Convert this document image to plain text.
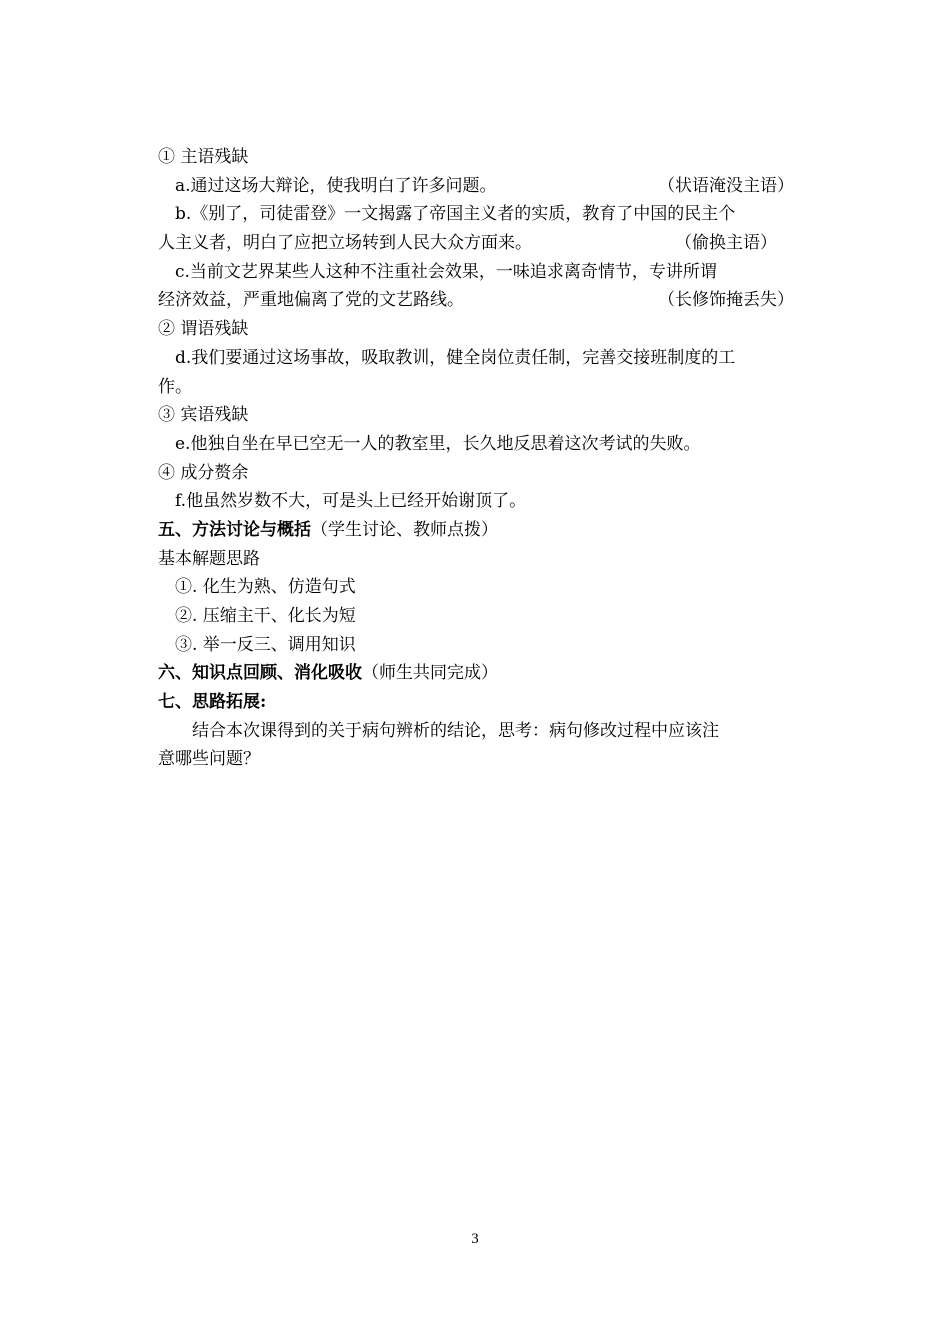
① 主语残缺
a.通过这场大辩论，使我明白了许多问题。	（状语淹没主语）
b.《别了，司徒雷登》一文揭露了帝国主义者的实质，教育了中国的民主个
人主义者，明白了应把立场转到人民大众方面来。	（偷换主语）
c.当前文艺界某些人这种不注重社会效果，一味追求离奇情节，专讲所谓
经济效益，严重地偏离了党的文艺路线。	（长修饰掩丢失）
② 谓语残缺
d.我们要通过这场事故，吸取教训，健全岗位责任制，完善交接班制度的工
作。
③ 宾语残缺
e.他独自坐在早已空无一人的教室里，长久地反思着这次考试的失败。
④ 成分赘余
f.他虽然岁数不大，可是头上已经开始谢顶了。
五、方法讨论与概括（学生讨论、教师点拨）
基本解题思路
①. 化生为熟、仿造句式
②. 压缩主干、化长为短
③. 举一反三、调用知识
六、知识点回顾、消化吸收（师生共同完成）
七、思路拓展:
结合本次课得到的关于病句辨析的结论，思考：病句修改过程中应该注
意哪些问题？
3
